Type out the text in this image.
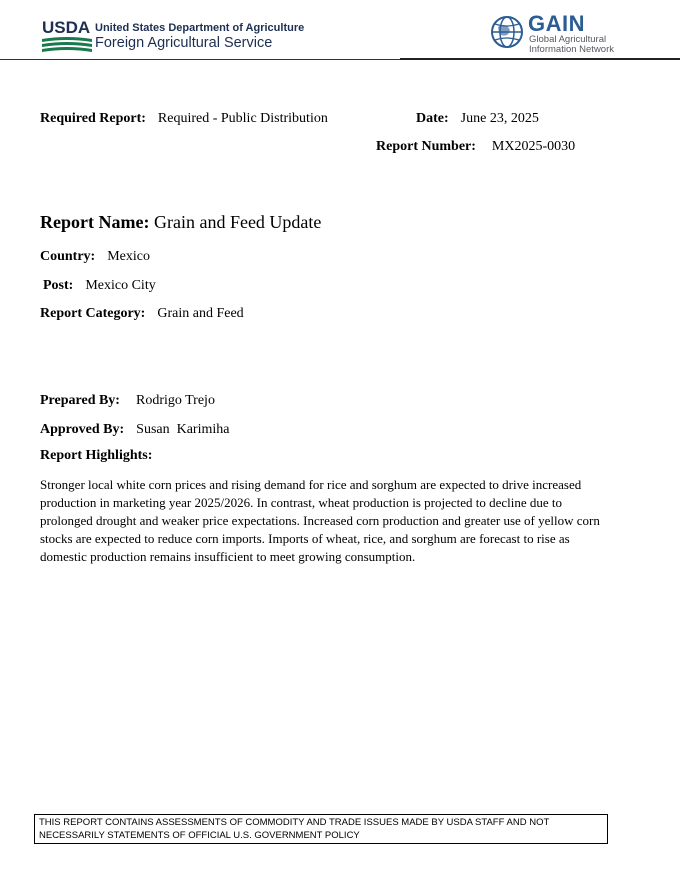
USDA United States Department of Agriculture
Foreign Agricultural Service
GAIN
Global Agricultural
Information Network
Required Report: Required - Public Distribution	Date: June 23, 2025
Report Number: MX2025-0030
Report Name: Grain and Feed Update
Country: Mexico
Post: Mexico City
Report Category: Grain and Feed
Prepared By: Rodrigo Trejo
Approved By: Susan  Karimiha
Report Highlights:

Stronger local white corn prices and rising demand for rice and sorghum are expected to drive increased production in marketing year 2025/2026. In contrast, wheat production is projected to decline due to prolonged drought and weaker price expectations. Increased corn production and greater use of yellow corn stocks are expected to reduce corn imports. Imports of wheat, rice, and sorghum are forecast to rise as domestic production remains insufficient to meet growing consumption.

THIS REPORT CONTAINS ASSESSMENTS OF COMMODITY AND TRADE ISSUES MADE BY USDA STAFF AND NOT NECESSARILY STATEMENTS OF OFFICIAL U.S. GOVERNMENT POLICY
